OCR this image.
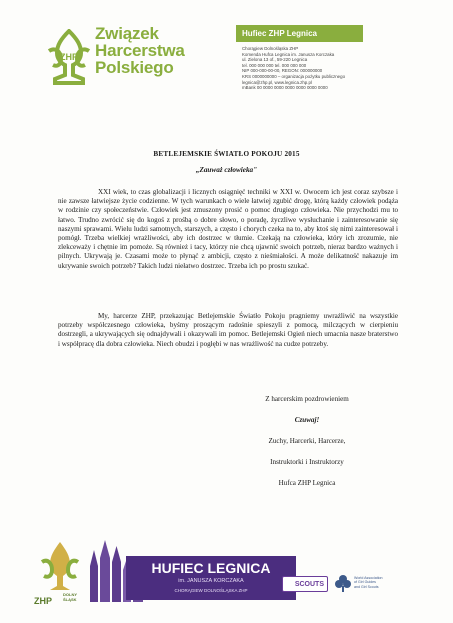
ZHP
Związek
Harcerstwa
Polskiego
Hufiec ZHP Legnica
Chorągiew Dolnośląska ZHP
Komenda Hufca Legnica im. Janusza Korczaka
ul. Zielona 13 of., 59-220 Legnica
tel. 000 000 000 tel. 000 000 000
NIP 000-000-00-00, REGON: 000000000
KRS 0000000000 – organizacja pożytku publicznego
legnica@zhp.pl, www.legnica.zhp.pl
mBank 00 0000 0000 0000 0000 0000 0000
BETLEJEMSKIE ŚWIATŁO POKOJU 2015
„Zauważ człowieka"

XXI wiek, to czas globalizacji i licznych osiągnięć techniki w XXI w. Owocem ich jest coraz szybsze i nie zawsze łatwiejsze życie codzienne. W tych warunkach o wiele łatwiej zgubić drogę, którą każdy człowiek podąża w rodzinie czy społeczeństwie. Człowiek jest zmuszony prosić o pomoc drugiego człowieka. Nie przychodzi mu to łatwo. Trudno zwrócić się do kogoś z prośbą o dobre słowo, o poradę, życzliwe wysłuchanie i zainteresowanie się naszymi sprawami. Wielu ludzi samotnych, starszych, a często i chorych czeka na to, aby ktoś się nimi zainteresował i pomógł. Trzeba wielkiej wrażliwości, aby ich dostrzec w tłumie. Czekają na człowieka, który ich zrozumie, nie zlekceważy i chętnie im pomoże. Są również i tacy, którzy nie chcą ujawnić swoich potrzeb, nieraz bardzo ważnych i pilnych. Ukrywają je. Czasami może to płynąć z ambicji, często z nieśmiałości. A może delikatność nakazuje im ukrywanie swoich potrzeb? Takich ludzi niełatwo dostrzec. Trzeba ich po prostu szukać.

My, harcerze ZHP, przekazując Betlejemskie Światło Pokoju pragniemy uwrażliwić na wszystkie potrzeby współczesnego człowieka, byśmy proszącym radośnie spieszyli z pomocą, milczących w cierpieniu dostrzegli, a ukrywających się odnajdywali i okazywali im pomoc. Betlejemski Ogień niech umacnia nasze braterstwo i współpracę dla dobra człowieka. Niech obudzi i pogłębi w nas wrażliwość na cudze potrzeby.

Z harcerskim pozdrowieniem
Czuwaj!
Zuchy, Harcerki, Harcerze,
Instruktorki i Instruktorzy
Hufca ZHP Legnica
ZHP
DOLNY
ŚLĄSK
HUFIEC LEGNICA
im. JANUSZA KORCZAKA
CHORĄGIEW DOLNOŚLĄSKA ZHP
SCOUTS
World Association
of Girl Guides
and Girl Scouts
